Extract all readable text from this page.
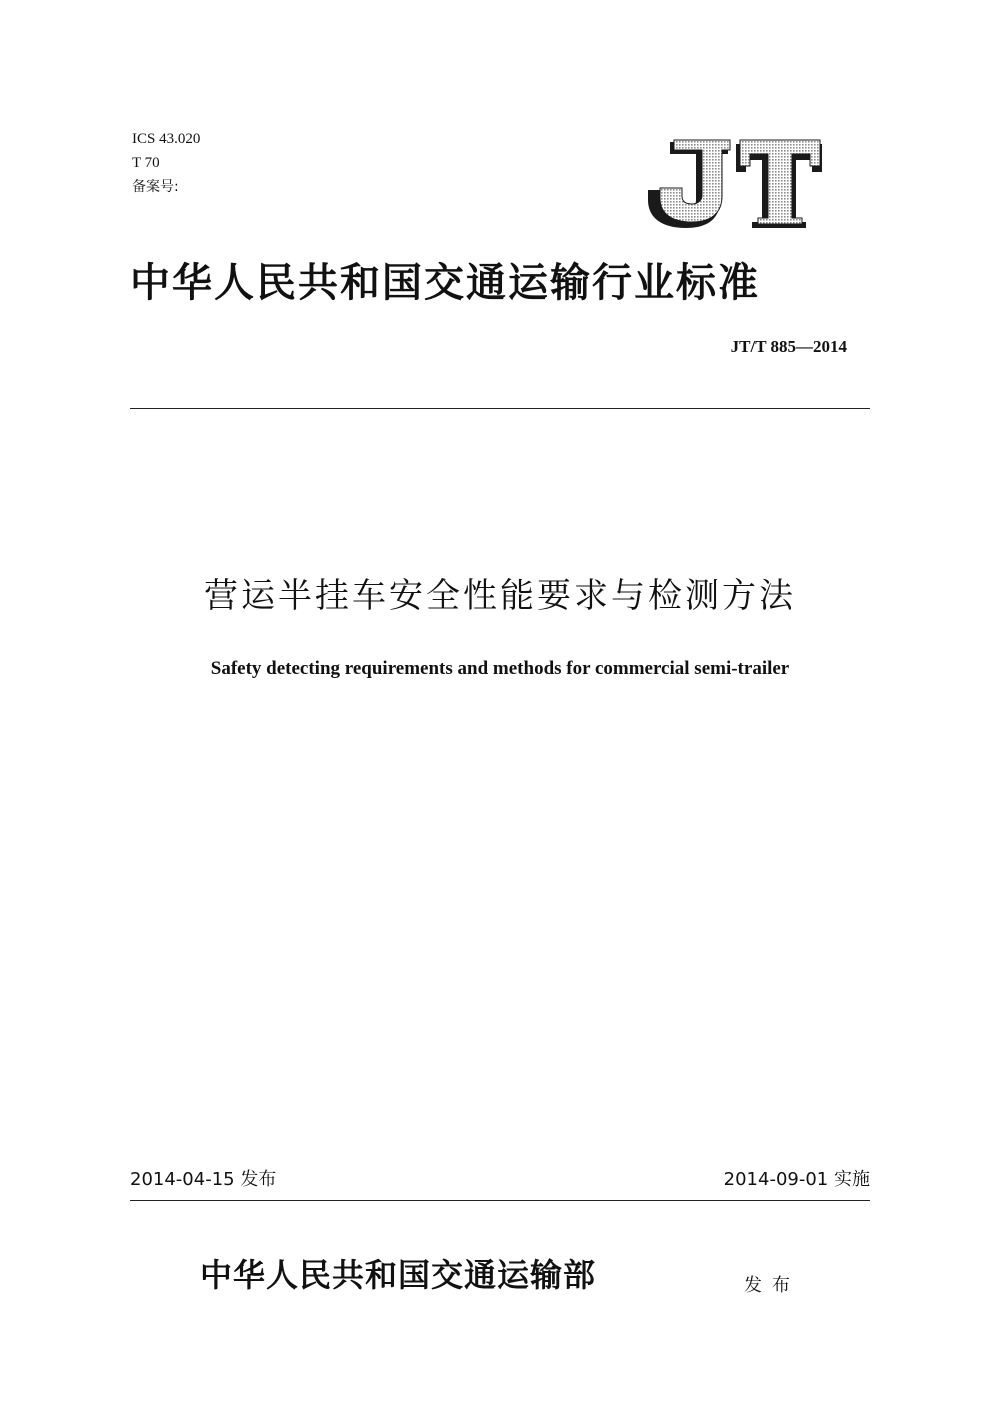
ICS 43.020
T 70
备案号:
中华人民共和国交通运输行业标准
JT/T 885—2014
营运半挂车安全性能要求与检测方法
Safety detecting requirements and methods for commercial semi-trailer
2014-04-15 发布	2014-09-01 实施
中华人民共和国交通运输部	发布
